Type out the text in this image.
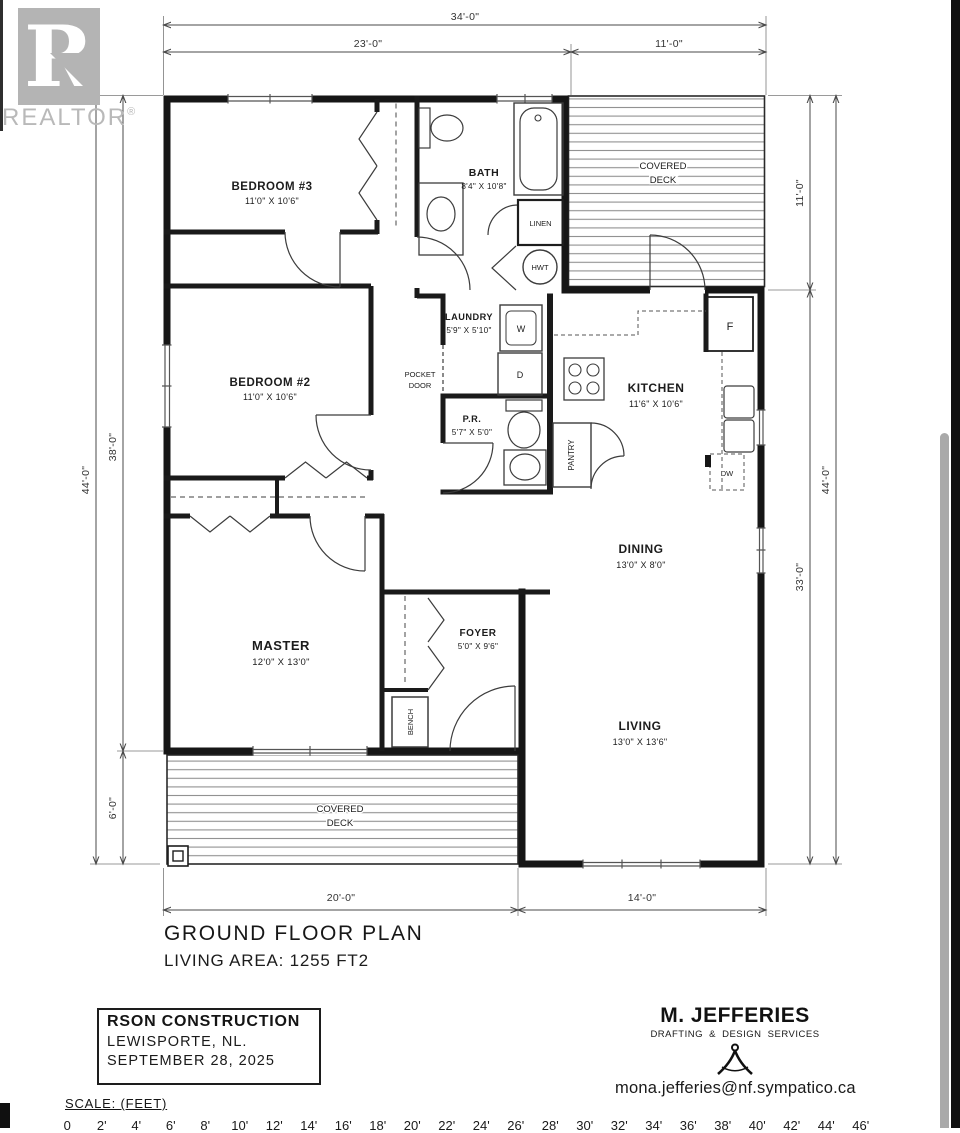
34'-0"
23'-0"	11'-0"
44'-0"
38'-0"
6'-0"
11'-0"
33'-0"
44'-0"
20'-0"	14'-0"
BEDROOM #3
11'0" X 10'6"
BATH
8'4" X 10'8"
LINEN
HWT
COVERED
DECK
LAUNDRY
5'9" X 5'10"	W
D
POCKET
DOOR
P.R.
5'7" X 5'0"
PANTRY
KITCHEN
11'6" X 10'6"
F
DW
BEDROOM #2
11'0" X 10'6"
DINING
13'0" X 8'0"
MASTER
12'0" X 13'0"
FOYER
5'0" X 9'6"
BENCH	LIVING
13'0" X 13'6"
COVERED
DECK
R
REALTOR®
GROUND FLOOR PLAN
LIVING AREA: 1255 FT2
RSON CONSTRUCTION
LEWISPORTE, NL.
SEPTEMBER 28, 2025
M. JEFFERIES
DRAFTING & DESIGN SERVICES
mona.jefferies@nf.sympatico.ca
SCALE: (FEET)
0	2'	4'	6'	8'	10'	12'	14'	16'	18'	20'	22'	24'	26'	28'	30'	32'	34'	36'	38'	40'	42'	44'	46'
